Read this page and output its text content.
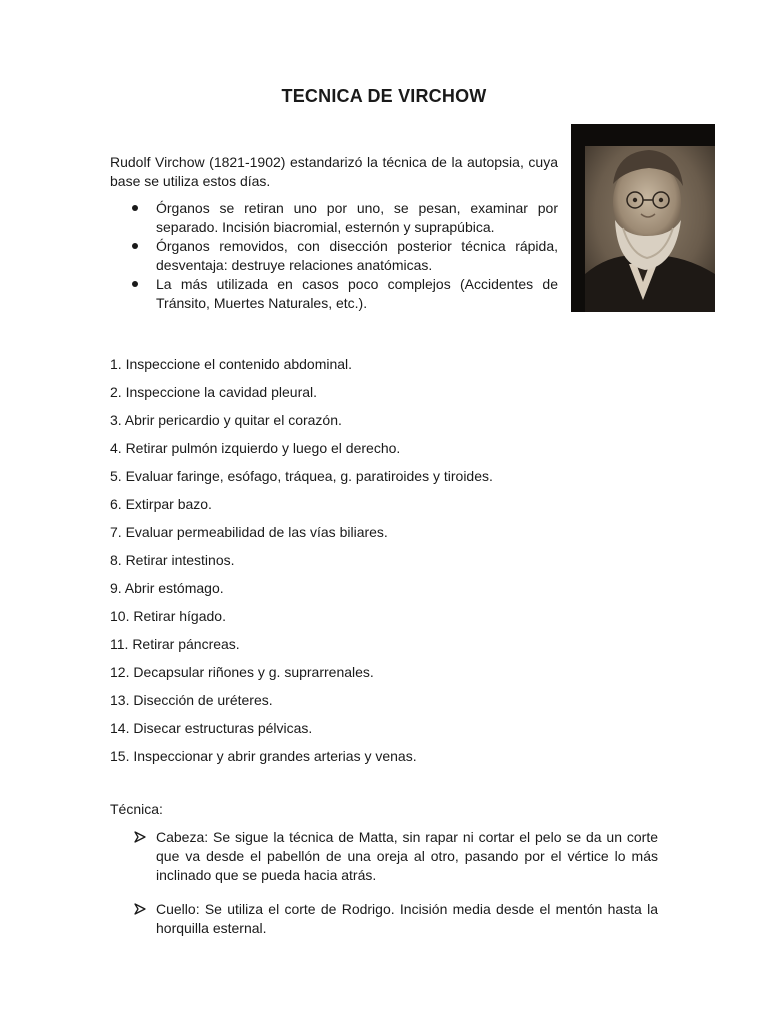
TECNICA DE VIRCHOW
Rudolf Virchow (1821-1902) estandarizó la técnica de la autopsia, cuya base se utiliza estos días.
Órganos se retiran uno por uno, se pesan, examinar por separado. Incisión biacromial, esternón y suprapúbica.
Órganos removidos, con disección posterior técnica rápida, desventaja: destruye relaciones anatómicas.
La más utilizada en casos poco complejos (Accidentes de Tránsito, Muertes Naturales, etc.).
1. Inspeccione el contenido abdominal.
2. Inspeccione la cavidad pleural.
3. Abrir pericardio y quitar el corazón.
4. Retirar pulmón izquierdo y luego el derecho.
5. Evaluar faringe, esófago, tráquea, g. paratiroides y tiroides.
6. Extirpar bazo.
7. Evaluar permeabilidad de las vías biliares.
8. Retirar intestinos.
9. Abrir estómago.
10. Retirar hígado.
11. Retirar páncreas.
12. Decapsular riñones y g. suprarrenales.
13. Disección de uréteres.
14. Disecar estructuras pélvicas.
15. Inspeccionar y abrir grandes arterias y venas.
Técnica:
Cabeza: Se sigue la técnica de Matta, sin rapar ni cortar el pelo se da un corte que va desde el pabellón de una oreja al otro, pasando por el vértice lo más inclinado que se pueda hacia atrás.
Cuello: Se utiliza el corte de Rodrigo. Incisión media desde el mentón hasta la horquilla esternal.
